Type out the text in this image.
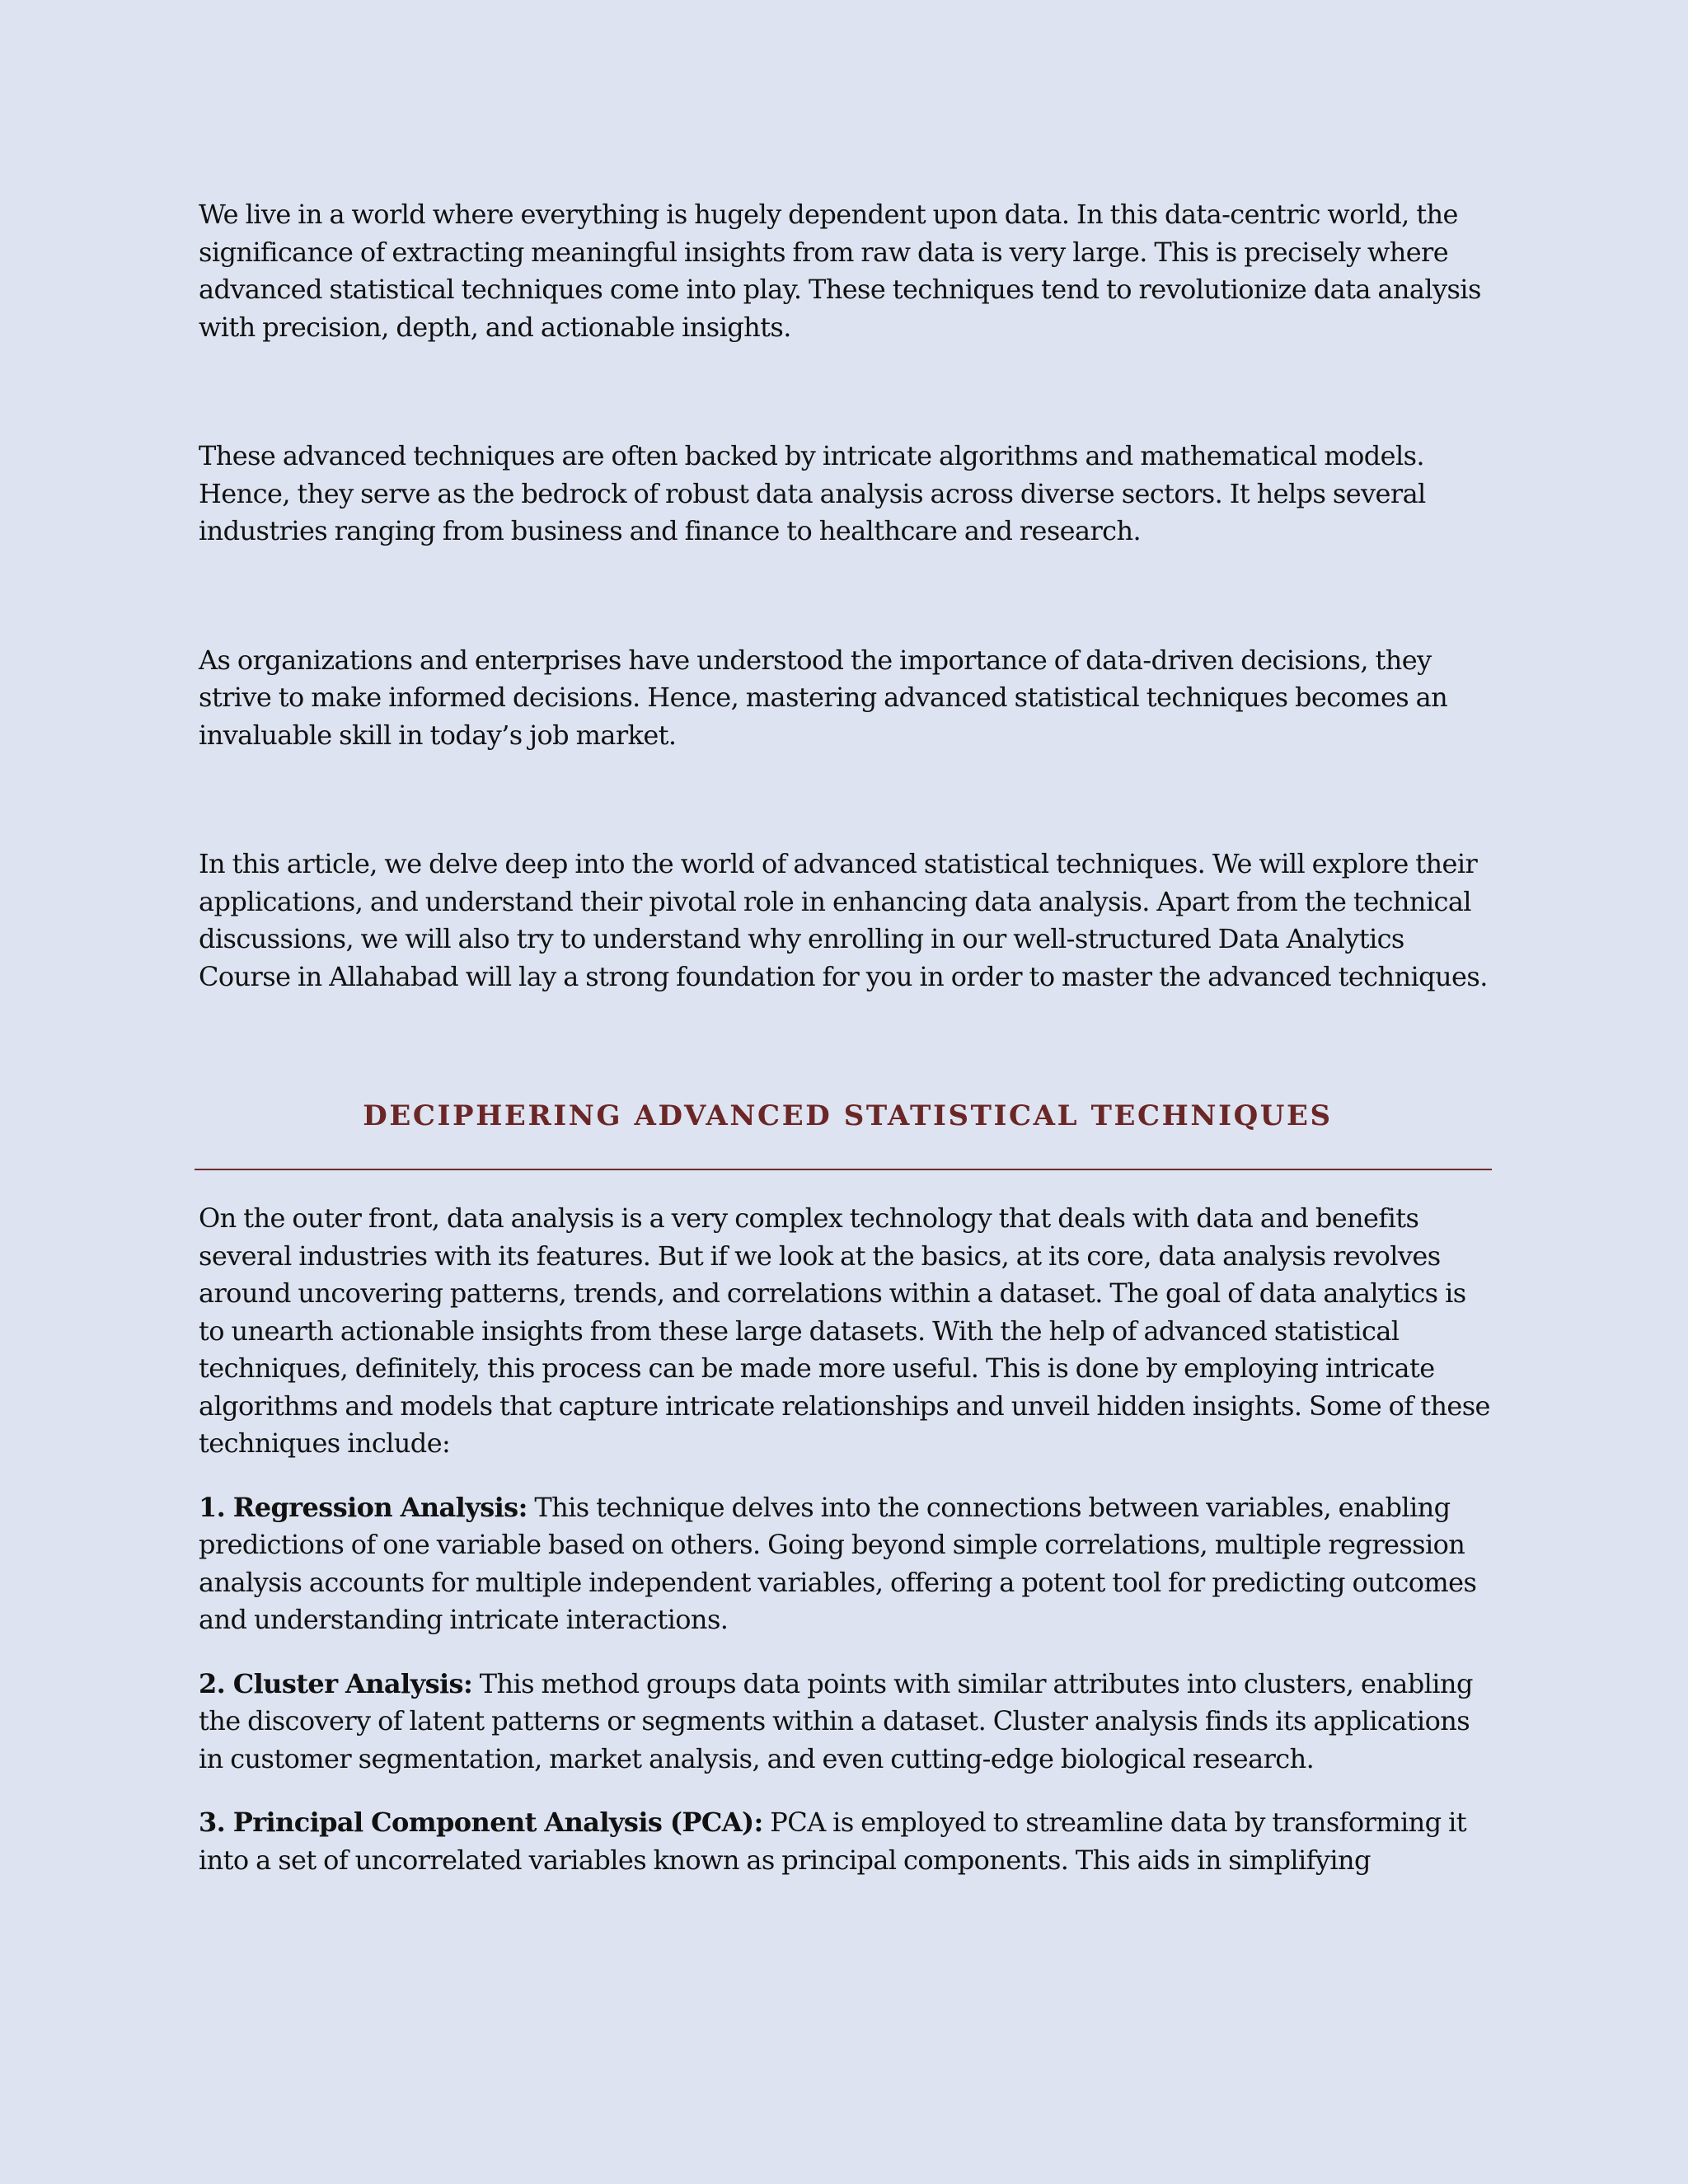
We live in a world where everything is hugely dependent upon data. In this data-centric world, the significance of extracting meaningful insights from raw data is very large. This is precisely where advanced statistical techniques come into play. These techniques tend to revolutionize data analysis with precision, depth, and actionable insights.

These advanced techniques are often backed by intricate algorithms and mathematical models. Hence, they serve as the bedrock of robust data analysis across diverse sectors. It helps several industries ranging from business and finance to healthcare and research.

As organizations and enterprises have understood the importance of data-driven decisions, they strive to make informed decisions. Hence, mastering advanced statistical techniques becomes an invaluable skill in today’s job market.

In this article, we delve deep into the world of advanced statistical techniques. We will explore their applications, and understand their pivotal role in enhancing data analysis. Apart from the technical discussions, we will also try to understand why enrolling in our well-structured Data Analytics Course in Allahabad will lay a strong foundation for you in order to master the advanced techniques.

DECIPHERING ADVANCED STATISTICAL TECHNIQUES

On the outer front, data analysis is a very complex technology that deals with data and benefits several industries with its features. But if we look at the basics, at its core, data analysis revolves around uncovering patterns, trends, and correlations within a dataset. The goal of data analytics is to unearth actionable insights from these large datasets. With the help of advanced statistical techniques, definitely, this process can be made more useful. This is done by employing intricate algorithms and models that capture intricate relationships and unveil hidden insights. Some of these techniques include:

1. Regression Analysis: This technique delves into the connections between variables, enabling predictions of one variable based on others. Going beyond simple correlations, multiple regression analysis accounts for multiple independent variables, offering a potent tool for predicting outcomes and understanding intricate interactions.

2. Cluster Analysis: This method groups data points with similar attributes into clusters, enabling the discovery of latent patterns or segments within a dataset. Cluster analysis finds its applications in customer segmentation, market analysis, and even cutting-edge biological research.

3. Principal Component Analysis (PCA): PCA is employed to streamline data by transforming it into a set of uncorrelated variables known as principal components. This aids in simplifying
